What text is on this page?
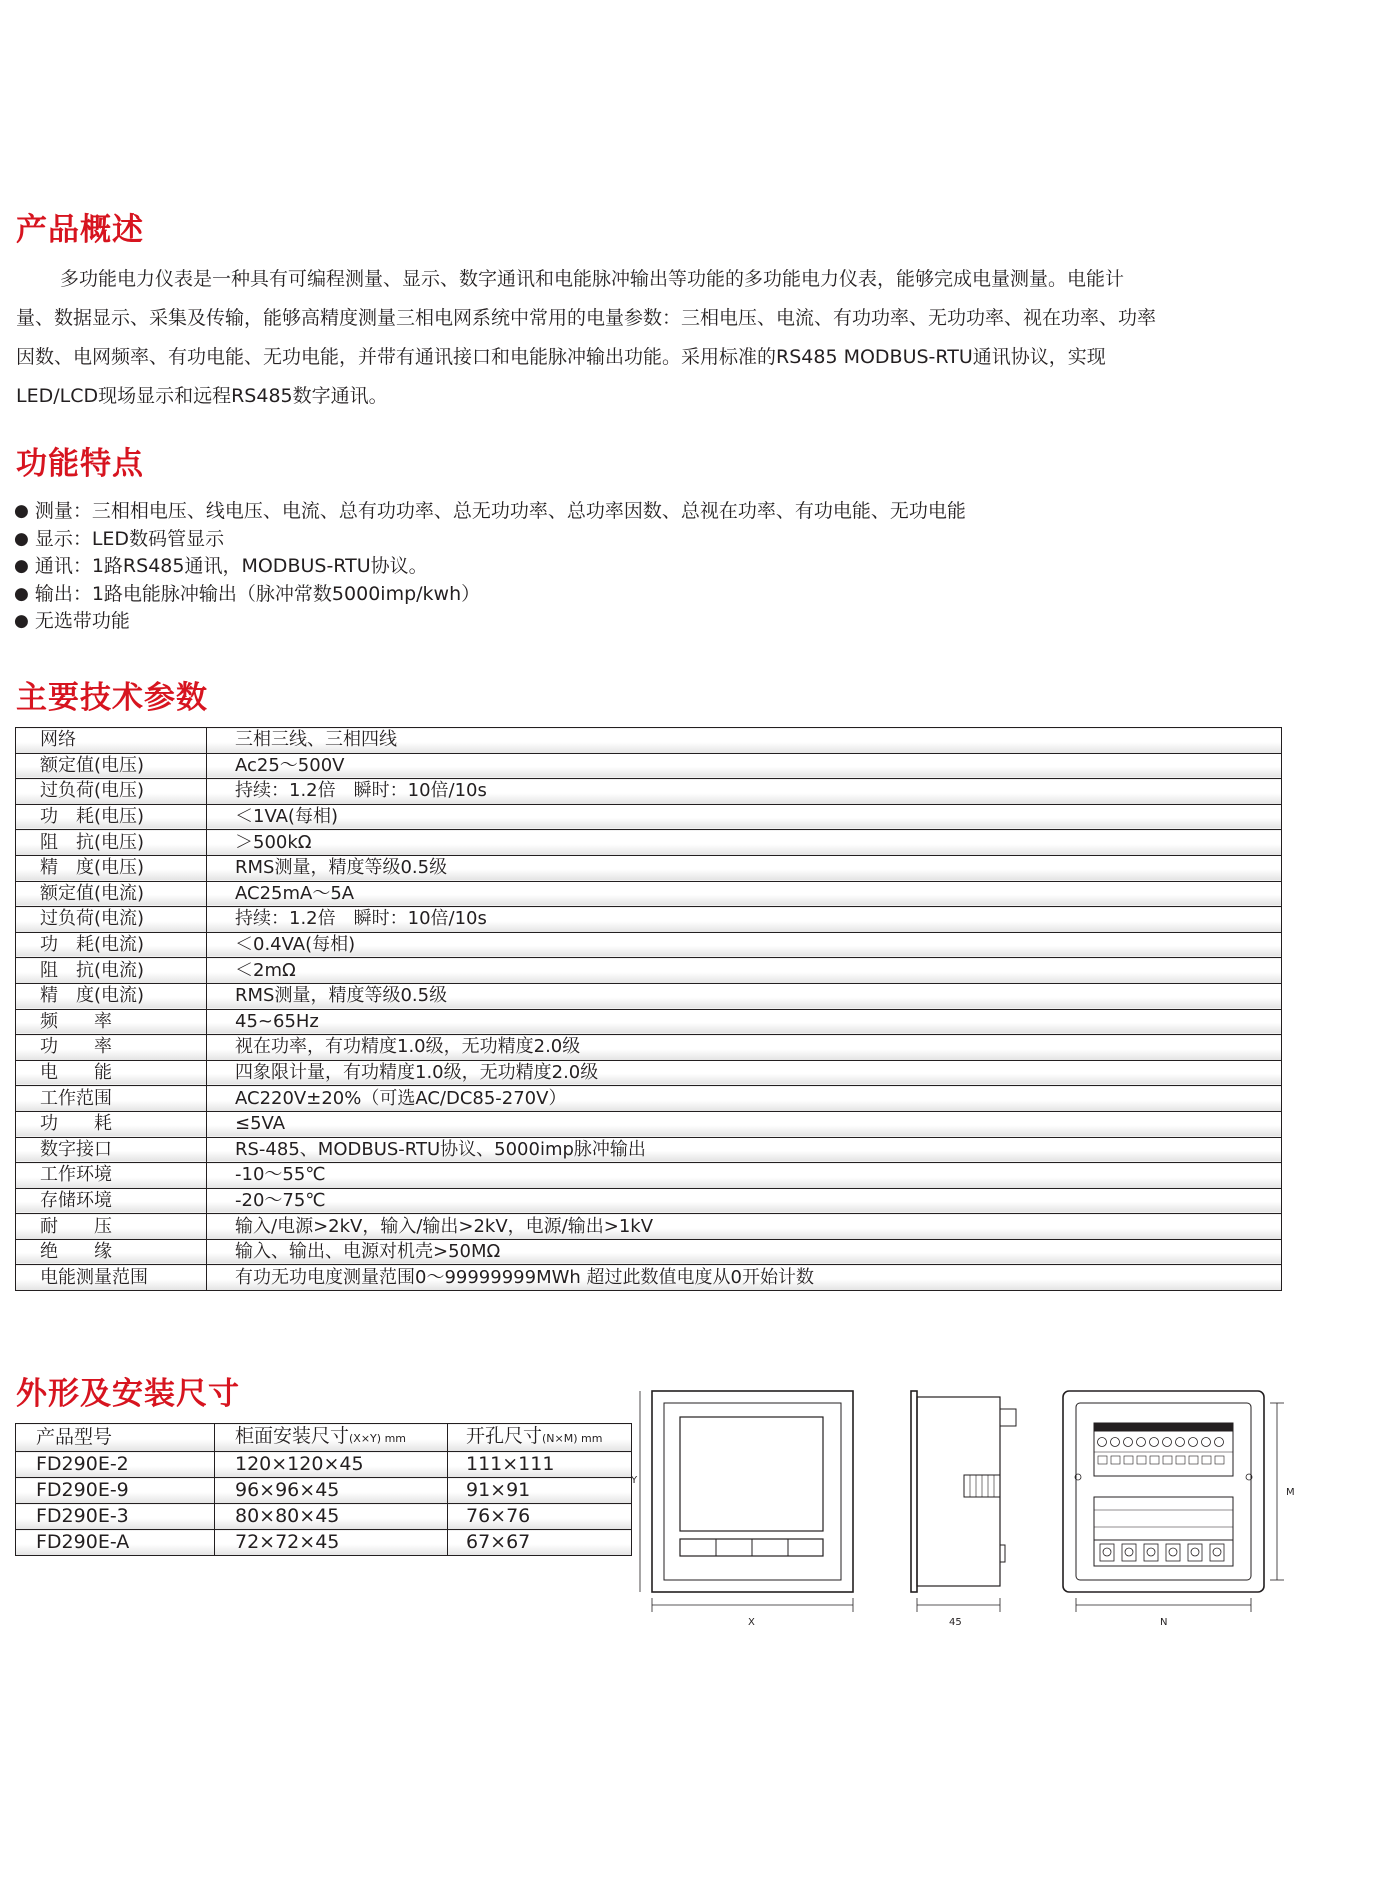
产品概述
多功能电力仪表是一种具有可编程测量、显示、数字通讯和电能脉冲输出等功能的多功能电力仪表，能够完成电量测量。电能计
量、数据显示、采集及传输，能够高精度测量三相电网系统中常用的电量参数：三相电压、电流、有功功率、无功功率、视在功率、功率
因数、电网频率、有功电能、无功电能，并带有通讯接口和电能脉冲输出功能。采用标准的RS485 MODBUS-RTU通讯协议，实现
LED/LCD现场显示和远程RS485数字通讯。
功能特点
● 测量：三相相电压、线电压、电流、总有功功率、总无功功率、总功率因数、总视在功率、有功电能、无功电能
● 显示：LED数码管显示
● 通讯：1路RS485通讯，MODBUS-RTU协议。
● 输出：1路电能脉冲输出（脉冲常数5000imp/kwh）
● 无选带功能
主要技术参数
网络	三相三线、三相四线
额定值(电压)	Ac25～500V
过负荷(电压)	持续：1.2倍　瞬时：10倍/10s
功　耗(电压)	＜1VA(每相)
阻　抗(电压)	＞500kΩ
精　度(电压)	RMS测量，精度等级0.5级
额定值(电流)	AC25mA～5A
过负荷(电流)	持续：1.2倍　瞬时：10倍/10s
功　耗(电流)	＜0.4VA(每相)
阻　抗(电流)	＜2mΩ
精　度(电流)	RMS测量，精度等级0.5级
频　　率	45~65Hz
功　　率	视在功率，有功精度1.0级，无功精度2.0级
电　　能	四象限计量，有功精度1.0级，无功精度2.0级
工作范围	AC220V±20%（可选AC/DC85-270V）
功　　耗	≤5VA
数字接口	RS-485、MODBUS-RTU协议、5000imp脉冲输出
工作环境	-10～55℃
存储环境	-20～75℃
耐　　压	输入/电源>2kV，输入/输出>2kV，电源/输出>1kV
绝　　缘	输入、输出、电源对机壳>50MΩ
电能测量范围	有功无功电度测量范围0～99999999MWh 超过此数值电度从0开始计数
外形及安装尺寸
产品型号	柜面安装尺寸(X×Y) mm	开孔尺寸(N×M) mm
FD290E-2	120×120×45	111×111
FD290E-9	96×96×45	91×91
FD290E-3	80×80×45	76×76
FD290E-A	72×72×45	67×67
X
Y
45
M
N
